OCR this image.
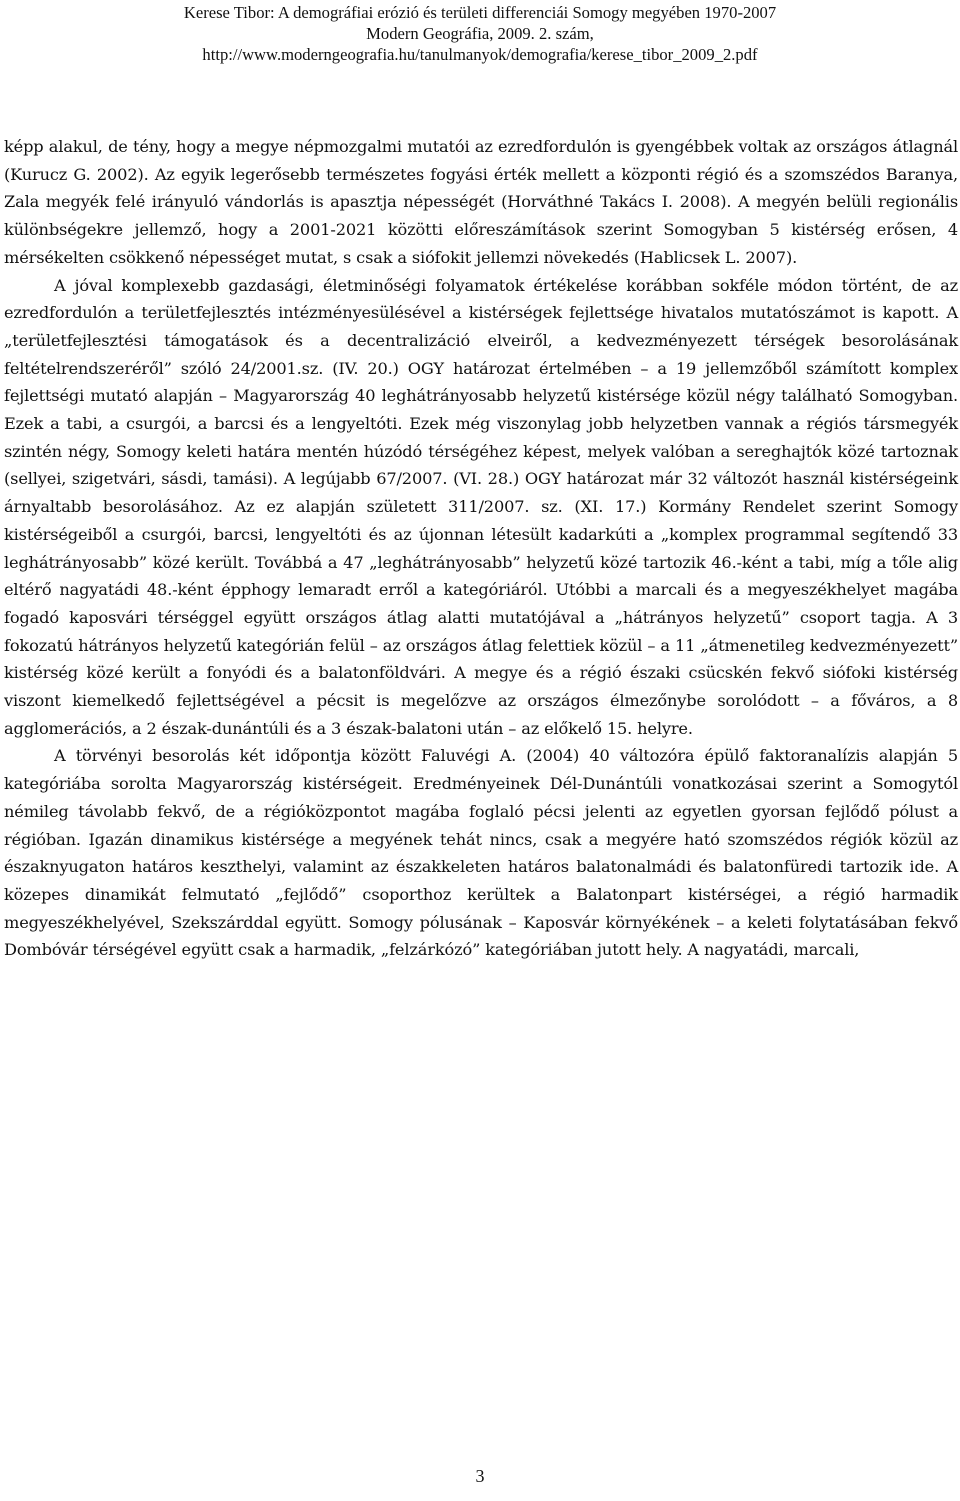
Kerese Tibor: A demográfiai erózió és területi differenciái Somogy megyében 1970-2007
Modern Geográfia, 2009. 2. szám,
http://www.moderngeografia.hu/tanulmanyok/demografia/kerese_tibor_2009_2.pdf

képp alakul, de tény, hogy a megye népmozgalmi mutatói az ezredfordulón is gyengébbek voltak az országos átlagnál (Kurucz G. 2002). Az egyik legerősebb természetes fogyási érték mellett a központi régió és a szomszédos Baranya, Zala megyék felé irányuló vándorlás is apasztja népességét (Horváthné Takács I. 2008). A megyén belüli regionális különbségekre jellemző, hogy a 2001-2021 közötti előreszámítások szerint Somogyban 5 kistérség erősen, 4 mérsékelten csökkenő népességet mutat, s csak a siófokit jellemzi növekedés (Hablicsek L. 2007).

A jóval komplexebb gazdasági, életminőségi folyamatok értékelése korábban sokféle módon történt, de az ezredfordulón a területfejlesztés intézményesülésével a kistérségek fejlettsége hivatalos mutatószámot is kapott. A „területfejlesztési támogatások és a decentralizáció elveiről, a kedvezményezett térségek besorolásának feltételrendszeréről” szóló 24/2001.sz. (IV. 20.) OGY határozat értelmében – a 19 jellemzőből számított komplex fejlettségi mutató alapján – Magyarország 40 leghátrányosabb helyzetű kistérsége közül négy található Somogyban. Ezek a tabi, a csurgói, a barcsi és a lengyeltóti. Ezek még viszonylag jobb helyzetben vannak a régiós társmegyék szintén négy, Somogy keleti határa mentén húzódó térségéhez képest, melyek valóban a sereghajtók közé tartoznak (sellyei, szigetvári, sásdi, tamási). A legújabb 67/2007. (VI. 28.) OGY határozat már 32 változót használ kistérségeink árnyaltabb besorolásához. Az ez alapján született 311/2007. sz. (XI. 17.) Kormány Rendelet szerint Somogy kistérségeiből a csurgói, barcsi, lengyeltóti és az újonnan létesült kadarkúti a „komplex programmal segítendő 33 leghátrányosabb” közé került. Továbbá a 47 „leghátrányosabb” helyzetű közé tartozik 46.-ként a tabi, míg a tőle alig eltérő nagyatádi 48.-ként épphogy lemaradt erről a kategóriáról. Utóbbi a marcali és a megyeszékhelyet magába fogadó kaposvári térséggel együtt országos átlag alatti mutatójával a „hátrányos helyzetű” csoport tagja. A 3 fokozatú hátrányos helyzetű kategórián felül – az országos átlag felettiek közül – a 11 „átmenetileg kedvezményezett” kistérség közé került a fonyódi és a balatonföldvári. A megye és a régió északi csücskén fekvő siófoki kistérség viszont kiemelkedő fejlettségével a pécsit is megelőzve az országos élmezőnybe sorolódott – a főváros, a 8 agglomerációs, a 2 észak-dunántúli és a 3 észak-balatoni után – az előkelő 15. helyre.

A törvényi besorolás két időpontja között Faluvégi A. (2004) 40 változóra épülő faktoranalízis alapján 5 kategóriába sorolta Magyarország kistérségeit. Eredményeinek Dél-Dunántúli vonatkozásai szerint a Somogytól némileg távolabb fekvő, de a régióközpontot magába foglaló pécsi jelenti az egyetlen gyorsan fejlődő pólust a régióban. Igazán dinamikus kistérsége a megyének tehát nincs, csak a megyére ható szomszédos régiók közül az északnyugaton határos keszthelyi, valamint az északkeleten határos balatonalmádi és balatonfüredi tartozik ide. A közepes dinamikát felmutató „fejlődő” csoporthoz kerültek a Balatonpart kistérségei, a régió harmadik megyeszékhelyével, Szekszárddal együtt. Somogy pólusának – Kaposvár környékének – a keleti folytatásában fekvő Dombóvár térségével együtt csak a harmadik, „felzárkózó” kategóriában jutott hely. A nagyatádi, marcali,

3
